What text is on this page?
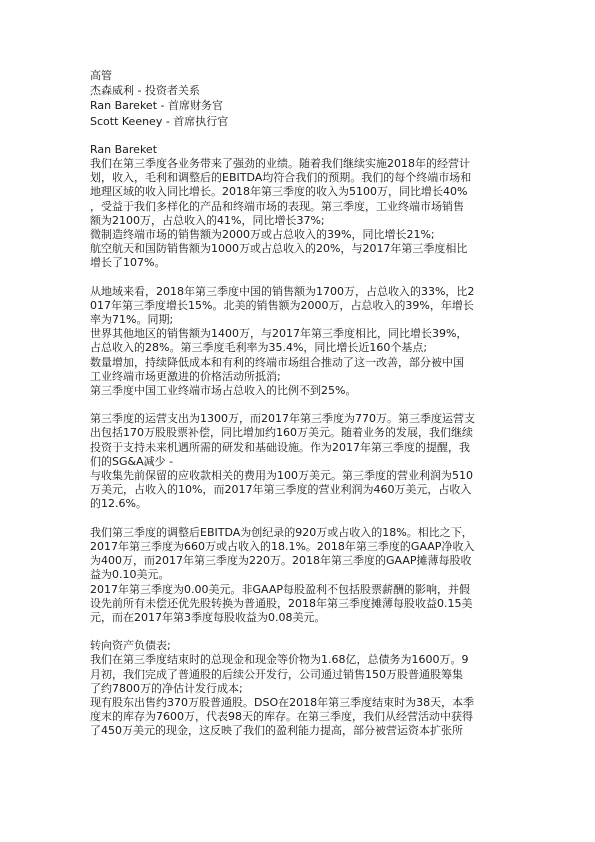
高管
杰森威利 - 投资者关系
Ran Bareket - 首席财务官
Scott Keeney - 首席执行官
Ran Bareket
我们在第三季度各业务带来了强劲的业绩。随着我们继续实施2018年的经营计
划，收入，毛利和调整后的EBITDA均符合我们的预期。我们的每个终端市场和
地理区域的收入同比增长。2018年第三季度的收入为5100万，同比增长40%
，受益于我们多样化的产品和终端市场的表现。第三季度，工业终端市场销售
额为2100万，占总收入的41%，同比增长37%;
微制造终端市场的销售额为2000万或占总收入的39%，同比增长21%;
航空航天和国防销售额为1000万或占总收入的20%，与2017年第三季度相比
增长了107%。
从地域来看，2018年第三季度中国的销售额为1700万，占总收入的33%，比2
017年第三季度增长15%。北美的销售额为2000万，占总收入的39%，年增长
率为71%。同期;
世界其他地区的销售额为1400万，与2017年第三季度相比，同比增长39%，
占总收入的28%。第三季度毛利率为35.4%，同比增长近160个基点;
数量增加，持续降低成本和有利的终端市场组合推动了这一改善，部分被中国
工业终端市场更激进的价格活动所抵消;
第三季度中国工业终端市场占总收入的比例不到25%。
第三季度的运营支出为1300万，而2017年第三季度为770万。第三季度运营支
出包括170万股股票补偿，同比增加约160万美元。随着业务的发展，我们继续
投资于支持未来机遇所需的研发和基础设施。作为2017年第三季度的提醒，我
们的SG&A减少 -
与收集先前保留的应收款相关的费用为100万美元。第三季度的营业利润为510
万美元，占收入的10%，而2017年第三季度的营业利润为460万美元，占收入
的12.6%。
我们第三季度的调整后EBITDA为创纪录的920万或占收入的18%。相比之下，
2017年第三季度为660万或占收入的18.1%。2018年第三季度的GAAP净收入
为400万，而2017年第三季度为220万。2018年第三季度的GAAP摊薄每股收
益为0.10美元。
2017年第三季度为0.00美元。非GAAP每股盈利不包括股票薪酬的影响，并假
设先前所有未偿还优先股转换为普通股，2018年第三季度摊薄每股收益0.15美
元，而在2017年第3季度每股收益为0.08美元。
转向资产负债表;
我们在第三季度结束时的总现金和现金等价物为1.68亿，总债务为1600万。9
月初，我们完成了普通股的后续公开发行，公司通过销售150万股普通股筹集
了约7800万的净估计发行成本;
现有股东出售约370万股普通股。DSO在2018年第三季度结束时为38天，本季
度末的库存为7600万，代表98天的库存。在第三季度，我们从经营活动中获得
了450万美元的现金，这反映了我们的盈利能力提高，部分被营运资本扩张所
